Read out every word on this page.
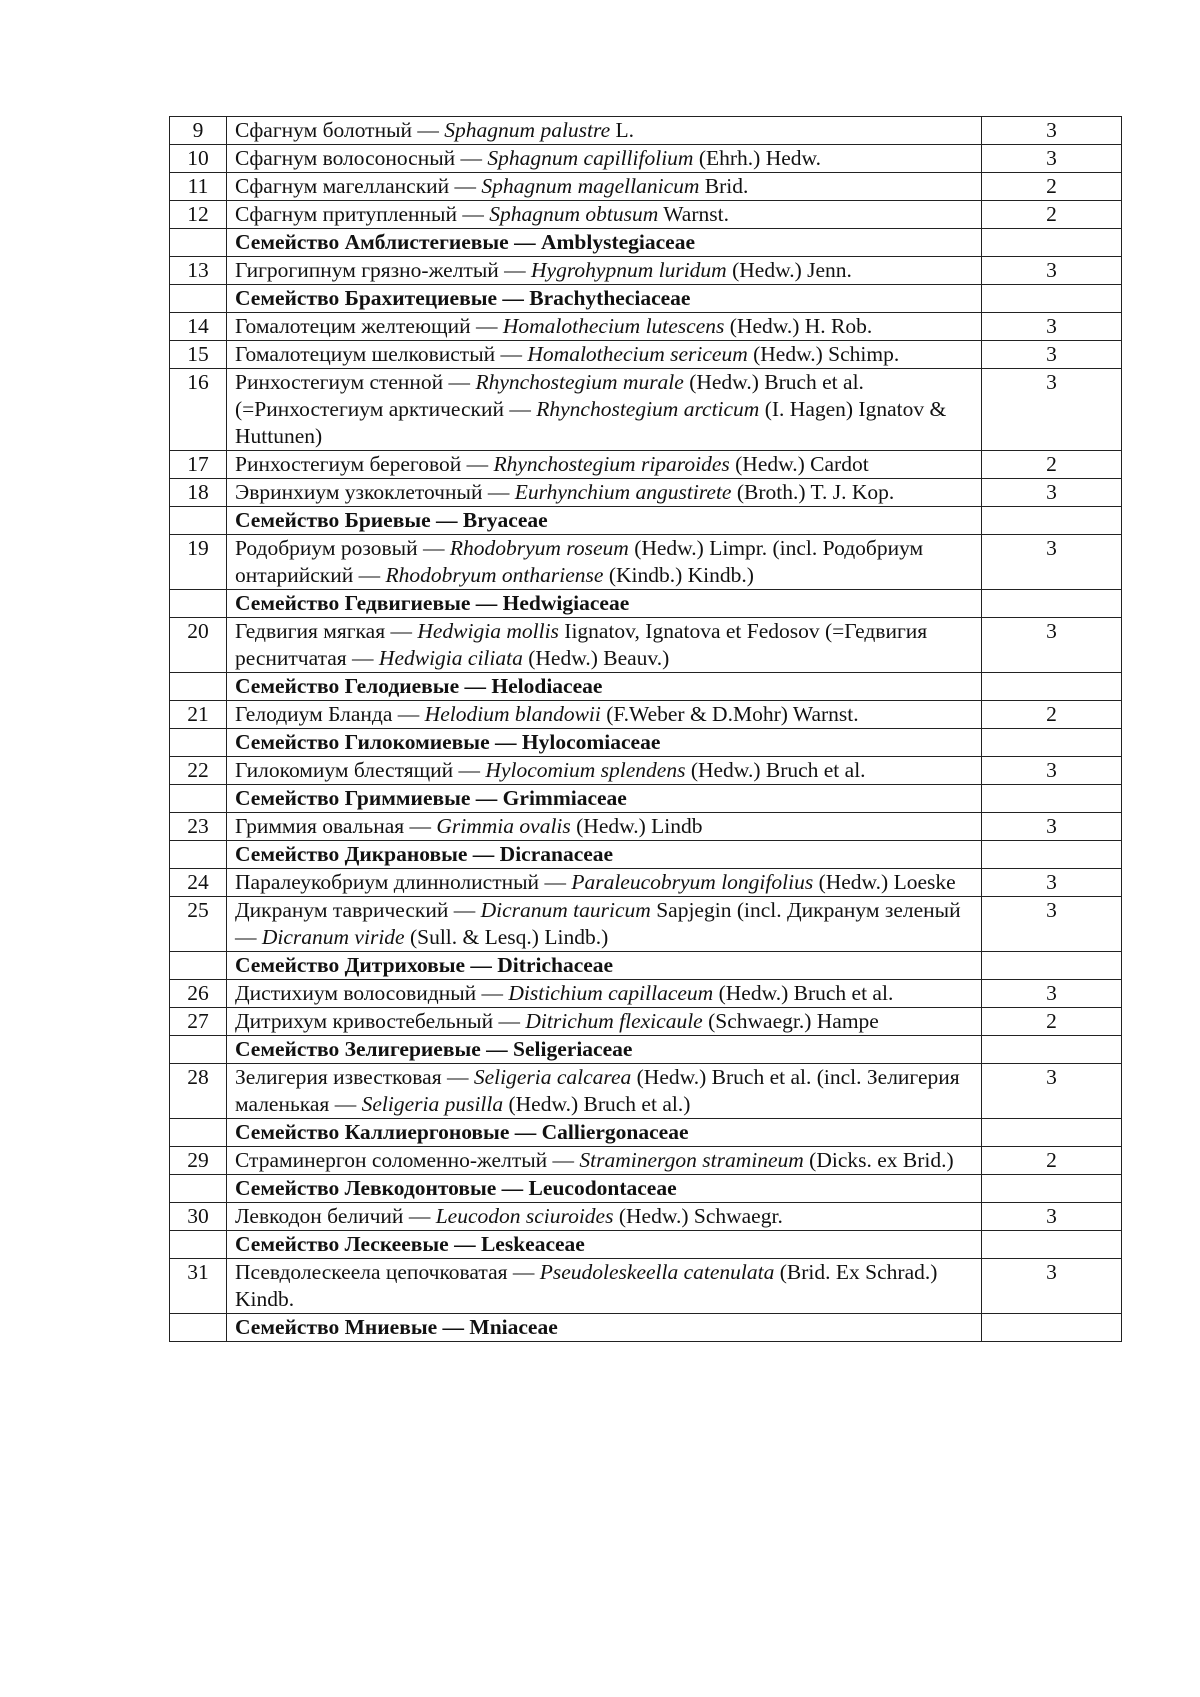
9	Сфагнум болотный — Sphagnum palustre L.	3
10	Сфагнум волосоносный — Sphagnum capillifolium (Ehrh.) Hedw.	3
11	Сфагнум магелланский — Sphagnum magellanicum Brid.	2
12	Сфагнум притупленный — Sphagnum obtusum Warnst.	2
	Семейство Амблистегиевые — Amblystegiaceae	
13	Гигрогипнум грязно-желтый — Hygrohypnum luridum (Hedw.) Jenn.	3
	Семейство Брахитециевые — Brachytheciaceae	
14	Гомалотецим желтеющий — Homalothecium lutescens (Hedw.) H. Rob.	3
15	Гомалотециум шелковистый — Homalothecium sericeum (Hedw.) Schimp.	3
16	Ринхостегиум стенной — Rhynchostegium murale (Hedw.) Bruch et al. (=Ринхостегиум арктический — Rhynchostegium arcticum (I. Hagen) Ignatov & Huttunen)	3
17	Ринхостегиум береговой — Rhynchostegium riparoides (Hedw.) Cardot	2
18	Эвринхиум узкоклеточный — Eurhynchium angustirete (Broth.) T. J. Kop.	3
	Семейство Бриевые — Bryaceae	
19	Родобриум розовый — Rhodobryum roseum (Hedw.) Limpr. (incl. Родобриум онтарийский — Rhodobryum onthariense (Kindb.) Kindb.)	3
	Семейство Гедвигиевые — Hedwigiaceae	
20	Гедвигия мягкая — Hedwigia mollis Iignatov, Ignatova et Fedosov (=Гедвигия реснитчатая — Hedwigia ciliata (Hedw.) Beauv.)	3
	Семейство Гелодиевые — Helodiaceae	
21	Гелодиум Бланда — Helodium blandowii (F.Weber & D.Mohr) Warnst.	2
	Семейство Гилокомиевые — Hylocomiaceae	
22	Гилокомиум блестящий — Hylocomium splendens (Hedw.) Bruch et al.	3
	Семейство Гриммиевые — Grimmiaceae	
23	Гриммия овальная — Grimmia ovalis (Hedw.) Lindb	3
	Семейство Дикрановые — Dicranaceae	
24	Паралеукобриум длиннолистный — Paraleucobryum longifolius (Hedw.) Loeske	3
25	Дикранум таврический — Dicranum tauricum Sapjegin (incl. Дикранум зеленый — Dicranum viride (Sull. & Lesq.) Lindb.)	3
	Семейство Дитриховые — Ditrichaceae	
26	Дистихиум волосовидный — Distichium capillaceum (Hedw.) Bruch et al.	3
27	Дитрихум кривостебельный — Ditrichum flexicaule (Schwaegr.) Hampe	2
	Семейство Зелигериевые — Seligeriaceae	
28	Зелигерия известковая — Seligeria calcarea (Hedw.) Bruch et al. (incl. Зелигерия маленькая — Seligeria pusilla (Hedw.) Bruch et al.)	3
	Семейство Каллиергоновые — Calliergonaceae	
29	Страминергон соломенно-желтый — Straminergon stramineum (Dicks. ex Brid.)	2
	Семейство Левкодонтовые — Leucodontaceae	
30	Левкодон беличий — Leucodon sciuroides (Hedw.) Schwaegr.	3
	Семейство Лескеевые — Leskeaceae	
31	Псевдолескеела цепочковатая — Pseudoleskeella catenulata (Brid. Ex Schrad.) Kindb.	3
	Семейство Мниевые — Mniaceae	
